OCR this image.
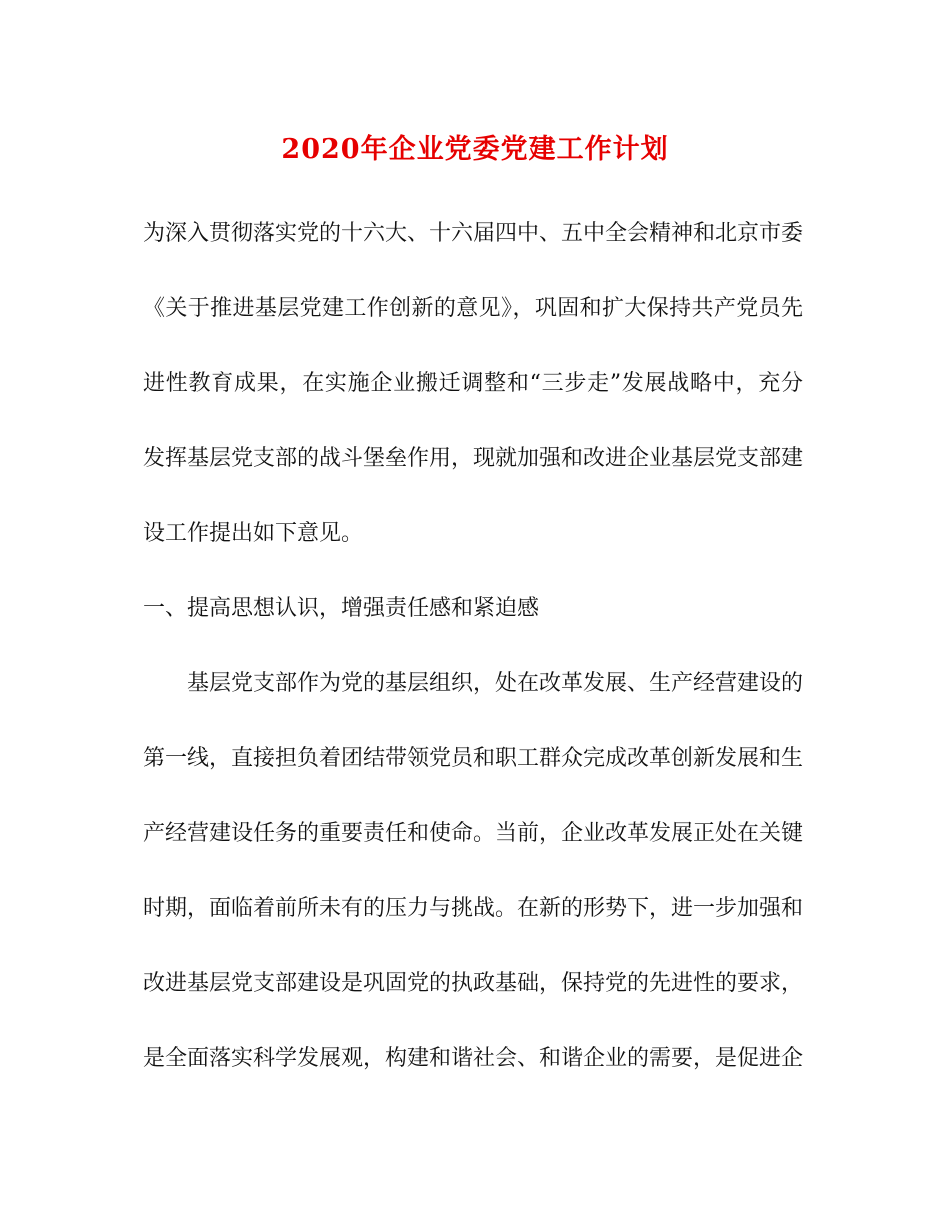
2020年企业党委党建工作计划
为深入贯彻落实党的十六大、十六届四中、五中全会精神和北京市委
《关于推进基层党建工作创新的意见》，巩固和扩大保持共产党员先
进性教育成果，在实施企业搬迁调整和“三步走”发展战略中，充分
发挥基层党支部的战斗堡垒作用，现就加强和改进企业基层党支部建
设工作提出如下意见。
一、提高思想认识，增强责任感和紧迫感
基层党支部作为党的基层组织，处在改革发展、生产经营建设的
第一线，直接担负着团结带领党员和职工群众完成改革创新发展和生
产经营建设任务的重要责任和使命。当前，企业改革发展正处在关键
时期，面临着前所未有的压力与挑战。在新的形势下，进一步加强和
改进基层党支部建设是巩固党的执政基础，保持党的先进性的要求，
是全面落实科学发展观，构建和谐社会、和谐企业的需要，是促进企
